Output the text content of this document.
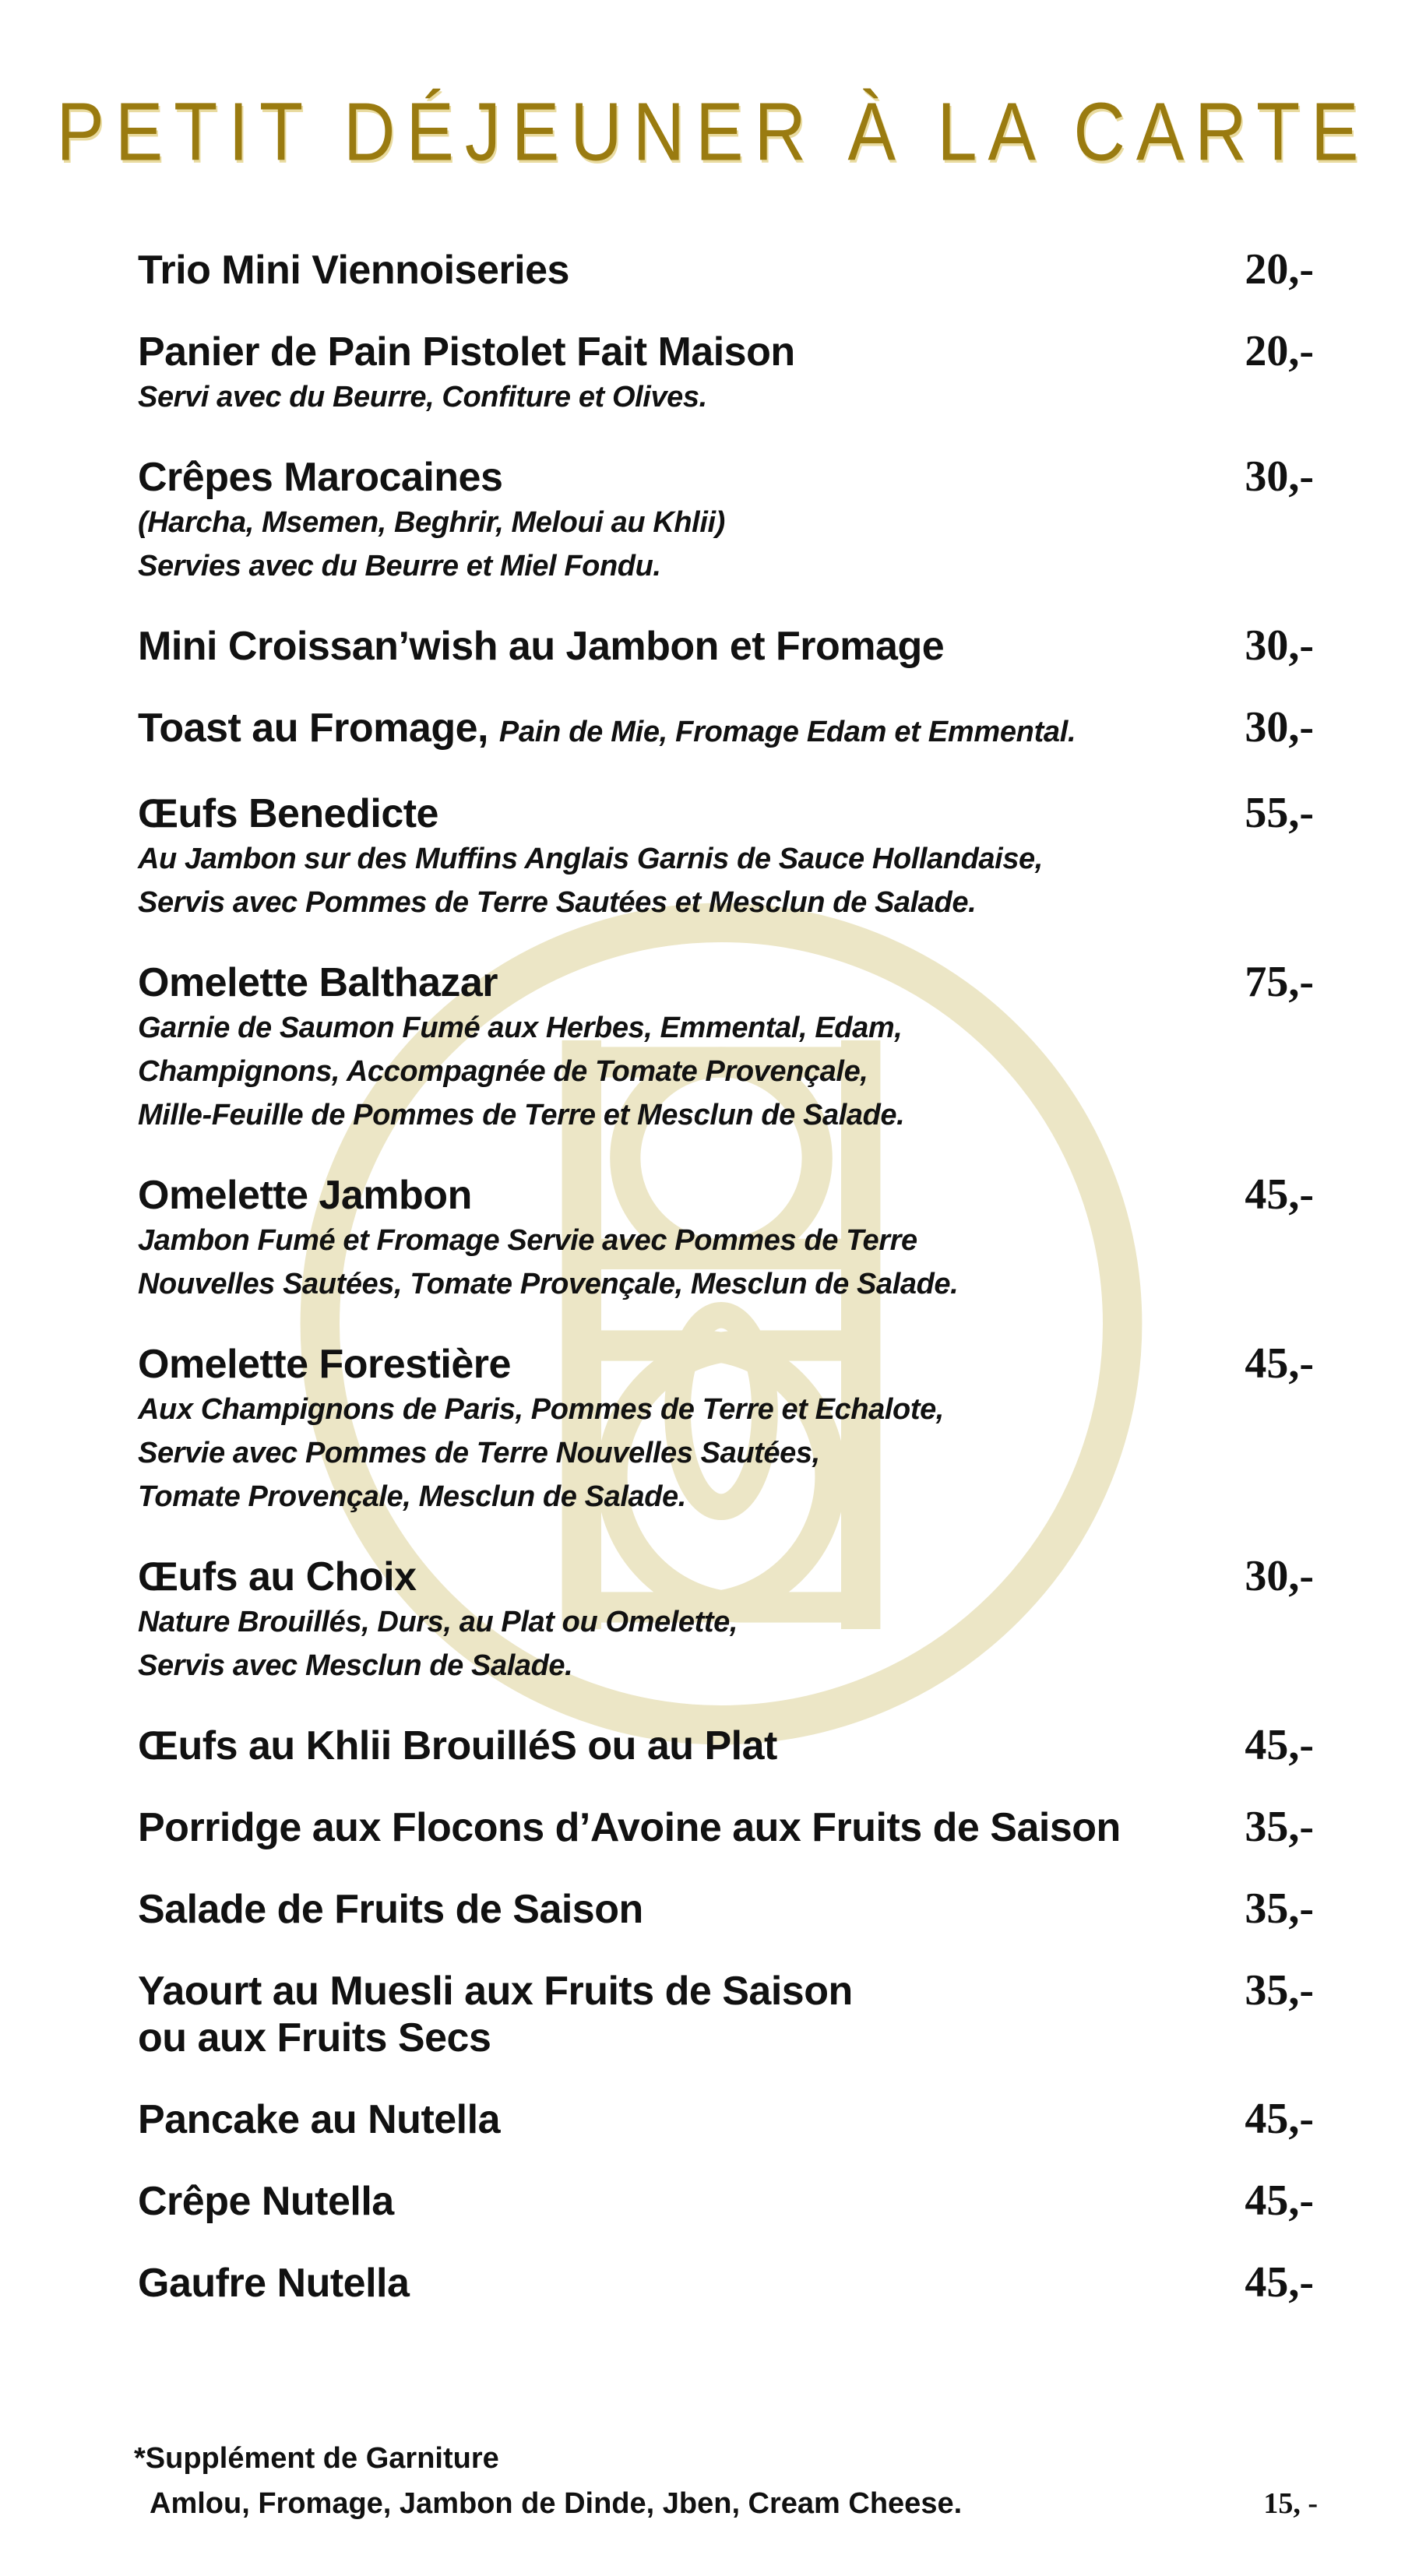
PETIT DÉJEUNER À LA CARTE
Trio Mini Viennoiseries	20,-
Panier de Pain Pistolet Fait Maison	20,-
Servi avec du Beurre, Confiture et Olives.
Crêpes Marocaines	30,-
(Harcha, Msemen, Beghrir, Meloui au Khlii)
Servies avec du Beurre et Miel Fondu.
Mini Croissan’wish au Jambon et Fromage	30,-
Toast au Fromage, Pain de Mie, Fromage Edam et Emmental.	30,-
Œufs Benedicte	55,-
Au Jambon sur des Muffins Anglais Garnis de Sauce Hollandaise,
Servis avec Pommes de Terre Sautées et Mesclun de Salade.
Omelette Balthazar	75,-
Garnie de Saumon Fumé aux Herbes, Emmental, Edam,
Champignons, Accompagnée de Tomate Provençale,
Mille-Feuille de Pommes de Terre et Mesclun de Salade.
Omelette Jambon	45,-
Jambon Fumé et Fromage Servie avec Pommes de Terre
Nouvelles Sautées, Tomate Provençale, Mesclun de Salade.
Omelette Forestière	45,-
Aux Champignons de Paris, Pommes de Terre et Echalote,
Servie avec Pommes de Terre Nouvelles Sautées,
Tomate Provençale, Mesclun de Salade.
Œufs au Choix	30,-
Nature Brouillés, Durs, au Plat ou Omelette,
Servis avec Mesclun de Salade.
Œufs au Khlii BrouilléS ou au Plat	45,-
Porridge aux Flocons d’Avoine aux Fruits de Saison	35,-
Salade de Fruits de Saison	35,-
Yaourt au Muesli aux Fruits de Saison	35,-
ou aux Fruits Secs
Pancake au Nutella	45,-
Crêpe Nutella	45,-
Gaufre Nutella	45,-
*Supplément de Garniture
Amlou, Fromage, Jambon de Dinde, Jben, Cream Cheese.	15, -
